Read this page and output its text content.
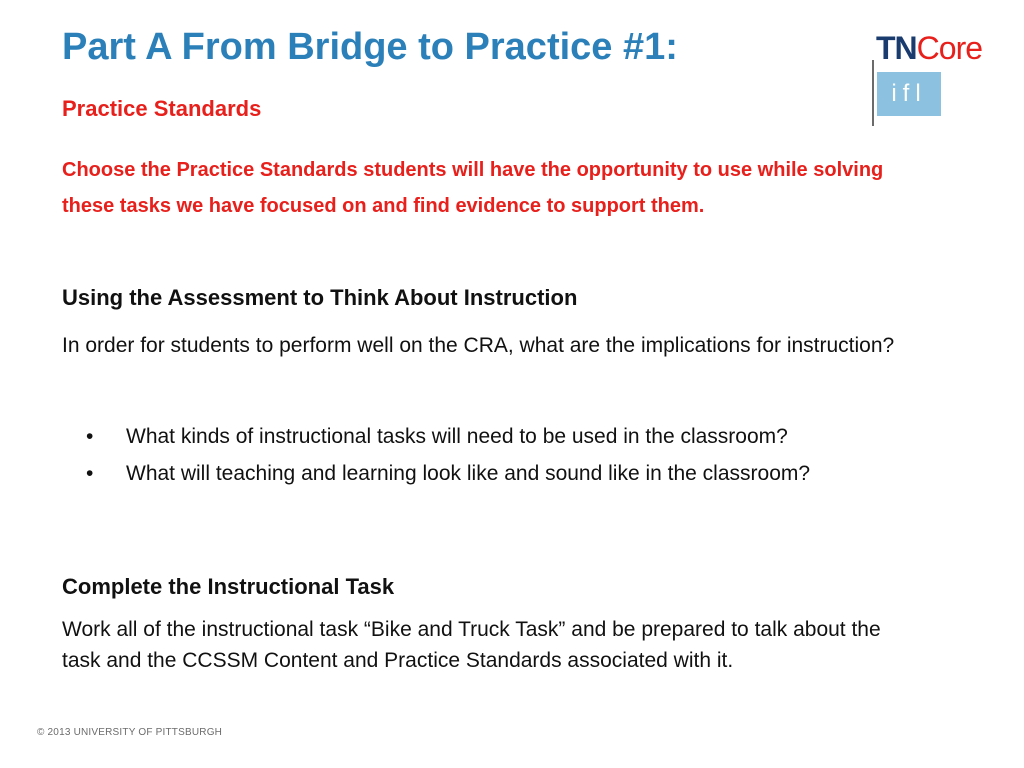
Part A From Bridge to Practice #1:
Practice Standards

Choose the Practice Standards students will have the opportunity to use while solving these tasks we have focused on and find evidence to support them.

Using the Assessment to Think About Instruction

In order for students to perform well on the CRA, what are the implications for instruction?

• What kinds of instructional tasks will need to be used in the classroom?
• What will teaching and learning look like and sound like in the classroom?
Complete the Instructional Task

Work all of the instructional task “Bike and Truck Task” and be prepared to talk about the task and the CCSSM Content and Practice Standards associated with it.

© 2013 UNIVERSITY OF PITTSBURGH
TNCore
ifl
